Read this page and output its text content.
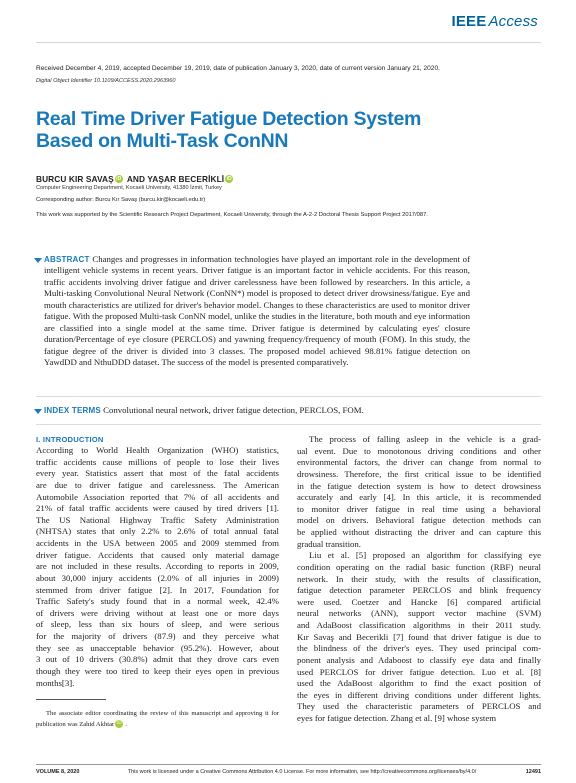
IEEE Access
Received December 4, 2019, accepted December 19, 2019, date of publication January 3, 2020, date of current version January 21, 2020.
Digital Object Identifier 10.1109/ACCESS.2020.2963960
Real Time Driver Fatigue Detection System Based on Multi-Task ConNN
BURCU KIR SAVAŞ iD AND YAŞAR BECERİKLİ iD
Computer Engineering Department, Kocaeli University, 41380 İzmit, Turkey
Corresponding author: Burcu Kır Savaş (burcu.kir@kocaeli.edu.tr)
This work was supported by the Scientific Research Project Department, Kocaeli University, through the A-2-2 Doctoral Thesis Support Project 2017/087.
ABSTRACT Changes and progresses in information technologies have played an important role in the development of intelligent vehicle systems in recent years. Driver fatigue is an important factor in vehicle accidents. For this reason, traffic accidents involving driver fatigue and driver carelessness have been followed by researchers. In this article, a Multi-tasking Convolutional Neural Network (ConNN*) model is proposed to detect driver drowsiness/fatigue. Eye and mouth characteristics are utilized for driver's behavior model. Changes to these characteristics are used to monitor driver fatigue. With the proposed Multi-task ConNN model, unlike the studies in the literature, both mouth and eye information are classified into a single model at the same time. Driver fatigue is determined by calculating eyes' closure duration/Percentage of eye closure (PERCLOS) and yawning frequency/frequency of mouth (FOM). In this study, the fatigue degree of the driver is divided into 3 classes. The proposed model achieved 98.81% fatigue detection on YawdDD and NthuDDD dataset. The success of the model is presented comparatively.
INDEX TERMS Convolutional neural network, driver fatigue detection, PERCLOS, FOM.
I. INTRODUCTION
According to World Health Organization (WHO) statistics,
traffic accidents cause millions of people to lose their lives
every year. Statistics assert that most of the fatal accidents
are due to driver fatigue and carelessness. The American
Automobile Association reported that 7% of all accidents and
21% of fatal traffic accidents were caused by tired drivers [1].
The US National Highway Traffic Safety Administration
(NHTSA) states that only 2.2% to 2.6% of total annual fatal
accidents in the USA between 2005 and 2009 stemmed from
driver fatigue. Accidents that caused only material damage
are not included in these results. According to reports in 2009,
about 30,000 injury accidents (2.0% of all injuries in 2009)
stemmed from driver fatigue [2]. In 2017, Foundation for
Traffic Safety's study found that in a normal week, 42.4%
of drivers were driving without at least one or more days
of sleep, less than six hours of sleep, and were serious
for the majority of drivers (87.9) and they perceive what
they see as unacceptable behavior (95.2%). However, about
3 out of 10 drivers (30.8%) admit that they drove cars even
though they were too tired to keep their eyes open in previous
months[3].
The process of falling asleep in the vehicle is a grad-
ual event. Due to monotonous driving conditions and other
environmental factors, the driver can change from normal to
drowsiness. Therefore, the first critical issue to be identified
in the fatigue detection system is how to detect drowsiness
accurately and early [4]. In this article, it is recommended
to monitor driver fatigue in real time using a behavioral
model on drivers. Behavioral fatigue detection methods can
be applied without distracting the driver and can capture this
gradual transition.
Liu et al. [5] proposed an algorithm for classifying eye
condition operating on the radial basic function (RBF) neural
network. In their study, with the results of classification,
fatigue detection parameter PERCLOS and blink frequency
were used. Coetzer and Hancke [6] compared artificial
neural networks (ANN), support vector machine (SVM)
and AdaBoost classification algorithms in their 2011 study.
Kır Savaş and Becerikli [7] found that driver fatigue is due to
the blindness of the driver's eyes. They used principal com-
ponent analysis and Adaboost to classify eye data and finally
used PERCLOS for driver fatigue detection. Luo et al. [8]
used the AdaBoost algorithm to find the exact position of
the eyes in different driving conditions under different lights.
They used the characteristic parameters of PERCLOS and
eyes for fatigue detection. Zhang et al. [9] whose system
The associate editor coordinating the review of this manuscript and approving it for publication was Zahid Akhtar iD .
VOLUME 8, 2020	This work is licensed under a Creative Commons Attribution 4.0 License. For more information, see http://creativecommons.org/licenses/by/4.0/	12491
